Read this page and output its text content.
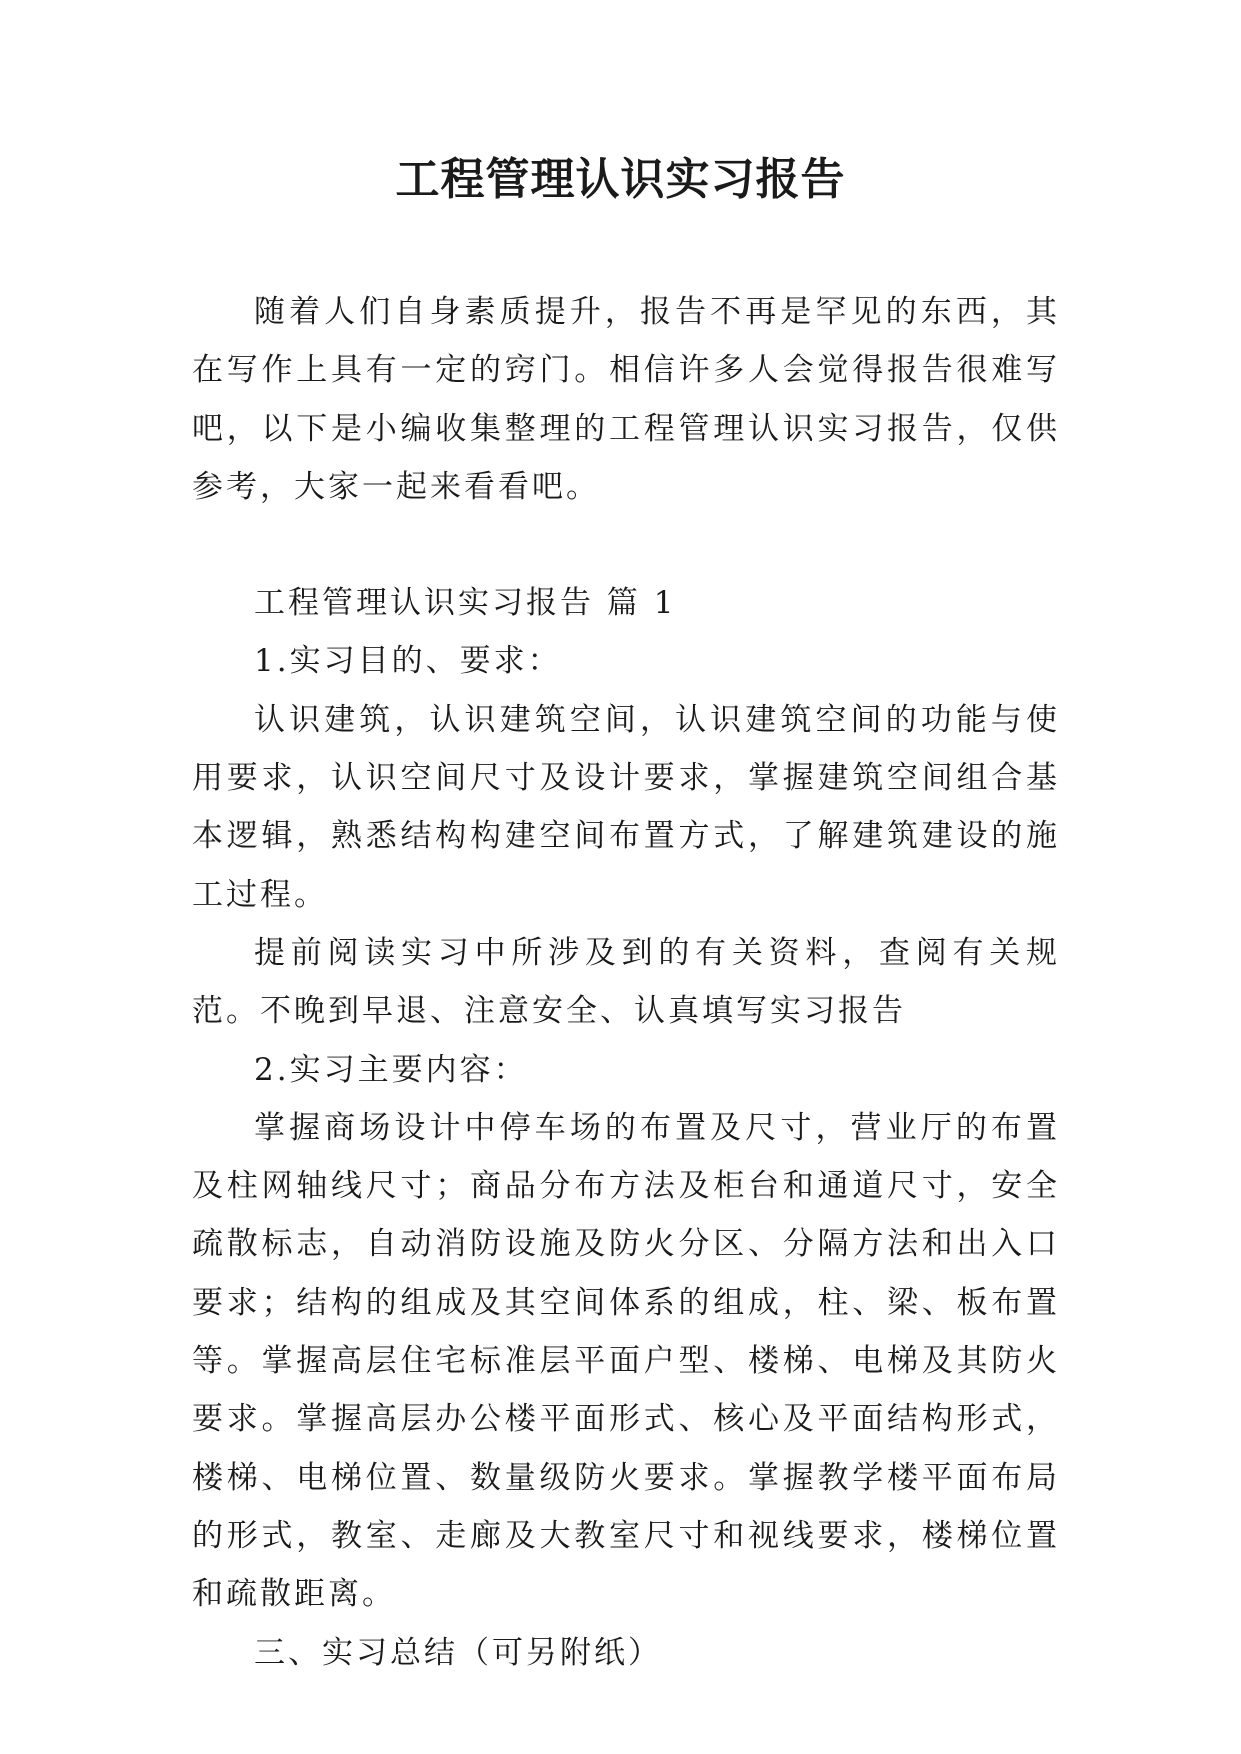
工程管理认识实习报告

随着人们自身素质提升，报告不再是罕见的东西，其在写作上具有一定的窍门。相信许多人会觉得报告很难写吧，以下是小编收集整理的工程管理认识实习报告，仅供参考，大家一起来看看吧。

工程管理认识实习报告 篇 1

1.实习目的、要求：

认识建筑，认识建筑空间，认识建筑空间的功能与使用要求，认识空间尺寸及设计要求，掌握建筑空间组合基本逻辑，熟悉结构构建空间布置方式，了解建筑建设的施工过程。

提前阅读实习中所涉及到的有关资料，查阅有关规范。不晚到早退、注意安全、认真填写实习报告

2.实习主要内容：

掌握商场设计中停车场的布置及尺寸，营业厅的布置及柱网轴线尺寸；商品分布方法及柜台和通道尺寸，安全疏散标志，自动消防设施及防火分区、分隔方法和出入口要求；结构的组成及其空间体系的组成，柱、梁、板布置等。掌握高层住宅标准层平面户型、楼梯、电梯及其防火要求。掌握高层办公楼平面形式、核心及平面结构形式，楼梯、电梯位置、数量级防火要求。掌握教学楼平面布局的形式，教室、走廊及大教室尺寸和视线要求，楼梯位置和疏散距离。

三、实习总结（可另附纸）
